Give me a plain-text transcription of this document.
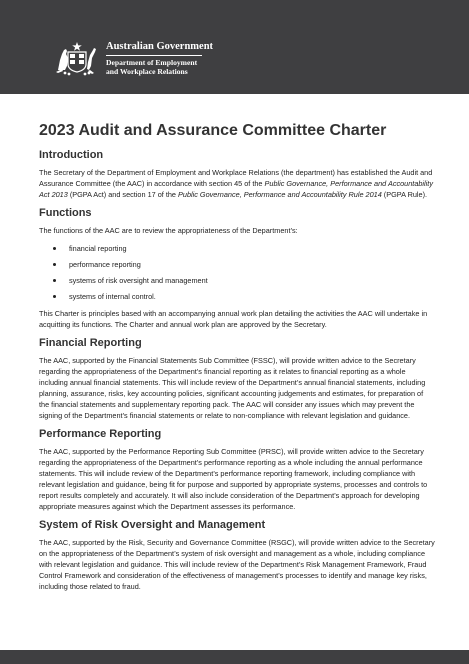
Australian Government
Department of Employment
and Workplace Relations
2023 Audit and Assurance Committee Charter
Introduction

The Secretary of the Department of Employment and Workplace Relations (the department) has established the Audit and Assurance Committee (the AAC) in accordance with section 45 of the Public Governance, Performance and Accountability Act 2013 (PGPA Act) and section 17 of the Public Governance, Performance and Accountability Rule 2014 (PGPA Rule).

Functions

The functions of the AAC are to review the appropriateness of the Department’s:

financial reporting
performance reporting
systems of risk oversight and management
systems of internal control.

This Charter is principles based with an accompanying annual work plan detailing the activities the AAC will undertake in acquitting its functions. The Charter and annual work plan are approved by the Secretary.

Financial Reporting

The AAC, supported by the Financial Statements Sub Committee (FSSC), will provide written advice to the Secretary regarding the appropriateness of the Department’s financial reporting as it relates to financial reporting as a whole including annual financial statements. This will include review of the Department’s annual financial statements, including planning, assurance, risks, key accounting policies, significant accounting judgements and estimates, for preparation of the financial statements and supplementary reporting pack. The AAC will consider any issues which may prevent the signing of the Department’s financial statements or relate to non-compliance with relevant legislation and guidance.

Performance Reporting

The AAC, supported by the Performance Reporting Sub Committee (PRSC), will provide written advice to the Secretary regarding the appropriateness of the Department’s performance reporting as a whole including the annual performance statements. This will include review of the Department’s performance reporting framework, including compliance with relevant legislation and guidance, being fit for purpose and supported by appropriate systems, processes and controls to report results completely and accurately. It will also include consideration of the Department’s approach for developing appropriate measures against which the Department assesses its performance.

System of Risk Oversight and Management

The AAC, supported by the Risk, Security and Governance Committee (RSGC), will provide written advice to the Secretary on the appropriateness of the Department’s system of risk oversight and management as a whole, including compliance with relevant legislation and guidance. This will include review of the Department’s Risk Management Framework, Fraud Control Framework and consideration of the effectiveness of management’s processes to identify and manage key risks, including those related to fraud.
